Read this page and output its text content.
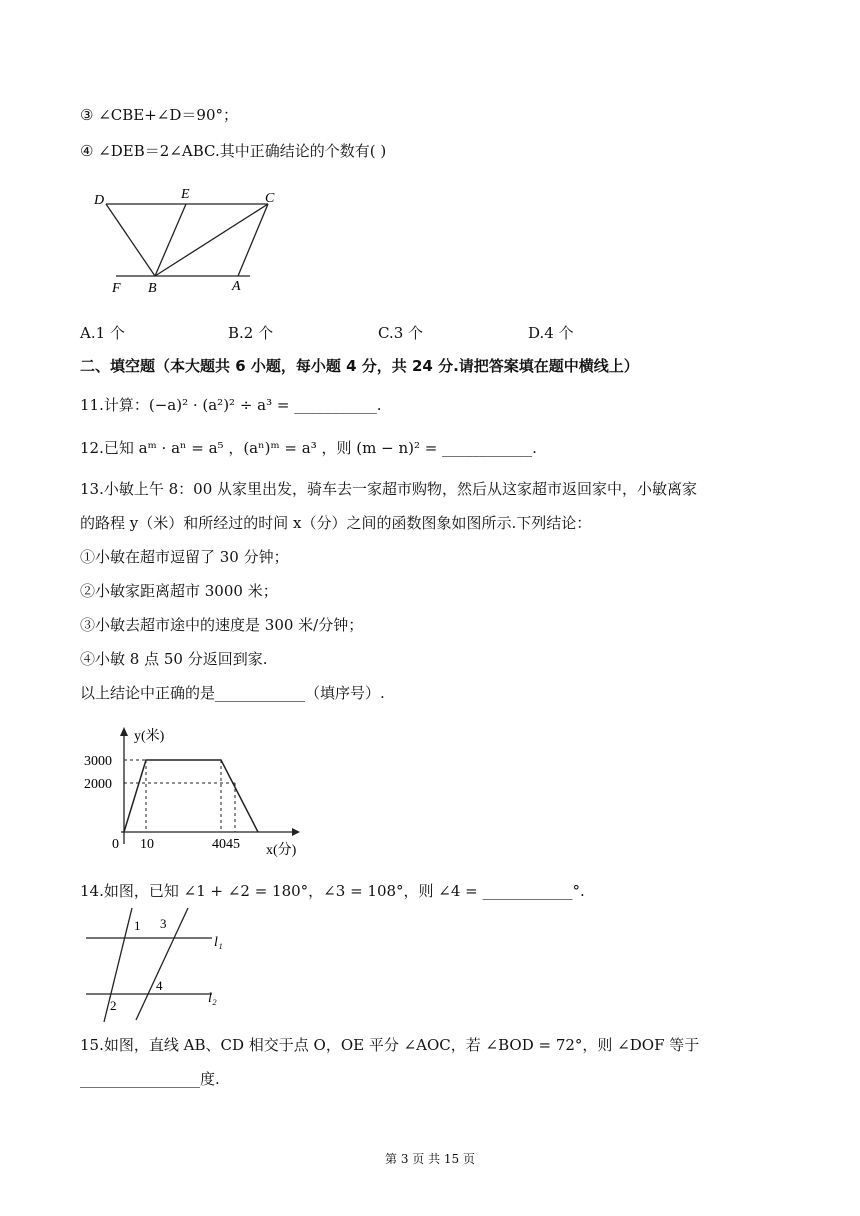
③ ∠CBE+∠D＝90°；
④ ∠DEB＝2∠ABC.其中正确结论的个数有( )
D	E	C
F B	A
A.1 个	B.2 个	C.3 个	D.4 个
二、填空题（本大题共 6 小题，每小题 4 分，共 24 分.请把答案填在题中横线上）
11.计算：(−a)² · (a²)² ÷ a³ = ___________.
12.已知 aᵐ · aⁿ = a⁵ ，(aⁿ)ᵐ = a³ ，则 (m − n)² = ____________.
13.小敏上午 8：00 从家里出发，骑车去一家超市购物，然后从这家超市返回家中，小敏离家
的路程 y（米）和所经过的时间 x（分）之间的函数图象如图所示.下列结论：
①小敏在超市逗留了 30 分钟；
②小敏家距离超市 3000 米；
③小敏去超市途中的速度是 300 米/分钟；
④小敏 8 点 50 分返回到家.
以上结论中正确的是____________（填序号）.
y(米)
x(分)
3000
2000
0 10	4045
14.如图，已知 ∠1 + ∠2 = 180°，∠3 = 108°，则 ∠4 = ____________°.
1 3
l₁
2
4
l₂
15.如图，直线 AB、CD 相交于点 O，OE 平分 ∠AOC，若 ∠BOD = 72°，则 ∠DOF 等于
________________度.
第 3 页 共 15 页
